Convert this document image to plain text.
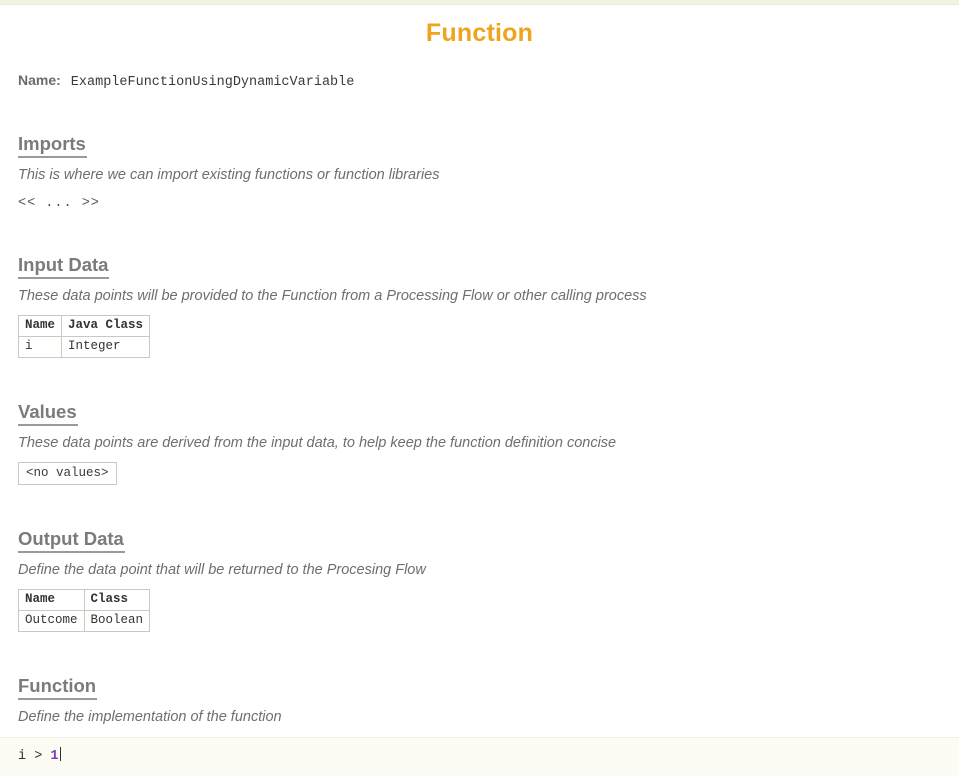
Function
Name: ExampleFunctionUsingDynamicVariable
Imports

This is where we can import existing functions or function libraries

<< ... >>
Input Data

These data points will be provided to the Function from a Processing Flow or other calling process

Name	Java Class
i	Integer
Values

These data points are derived from the input data, to help keep the function definition concise

<no values>
Output Data

Define the data point that will be returned to the Procesing Flow

Name	Class
Outcome	Boolean
Function

Define the implementation of the function

i > 1
